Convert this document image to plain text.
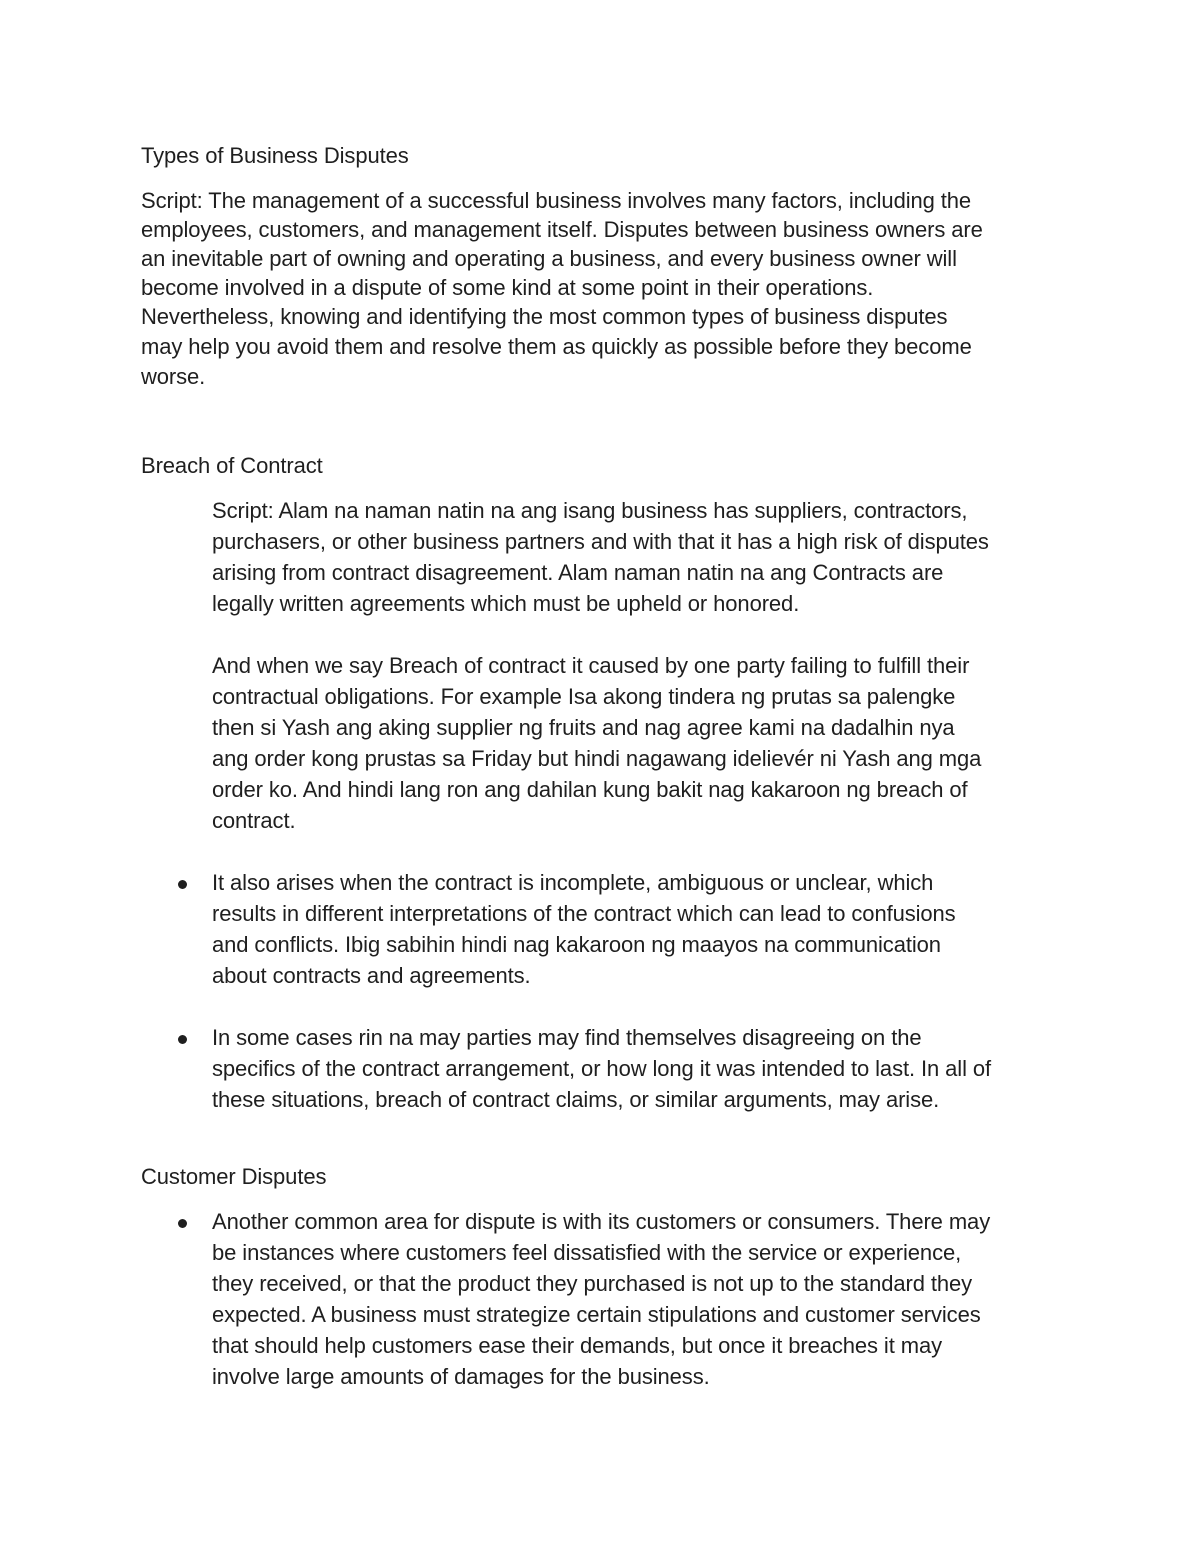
Types of Business Disputes
Script: The management of a successful business involves many factors, including the
employees, customers, and management itself. Disputes between business owners are
an inevitable part of owning and operating a business, and every business owner will
become involved in a dispute of some kind at some point in their operations.
Nevertheless, knowing and identifying the most common types of business disputes
may help you avoid them and resolve them as quickly as possible before they become
worse.
Breach of Contract
Script: Alam na naman natin na ang isang business has suppliers, contractors,
purchasers, or other business partners and with that it has a high risk of disputes
arising from contract disagreement. Alam naman natin na ang Contracts are
legally written agreements which must be upheld or honored.
And when we say Breach of contract it caused by one party failing to fulfill their
contractual obligations. For example Isa akong tindera ng prutas sa palengke
then si Yash ang aking supplier ng fruits and nag agree kami na dadalhin nya
ang order kong prustas sa Friday but hindi nagawang idelievér ni Yash ang mga
order ko. And hindi lang ron ang dahilan kung bakit nag kakaroon ng breach of
contract.
It also arises when the contract is incomplete, ambiguous or unclear, which
results in different interpretations of the contract which can lead to confusions
and conflicts. Ibig sabihin hindi nag kakaroon ng maayos na communication
about contracts and agreements.
In some cases rin na may parties may find themselves disagreeing on the
specifics of the contract arrangement, or how long it was intended to last. In all of
these situations, breach of contract claims, or similar arguments, may arise.
Customer Disputes
Another common area for dispute is with its customers or consumers. There may
be instances where customers feel dissatisfied with the service or experience,
they received, or that the product they purchased is not up to the standard they
expected. A business must strategize certain stipulations and customer services
that should help customers ease their demands, but once it breaches it may
involve large amounts of damages for the business.
